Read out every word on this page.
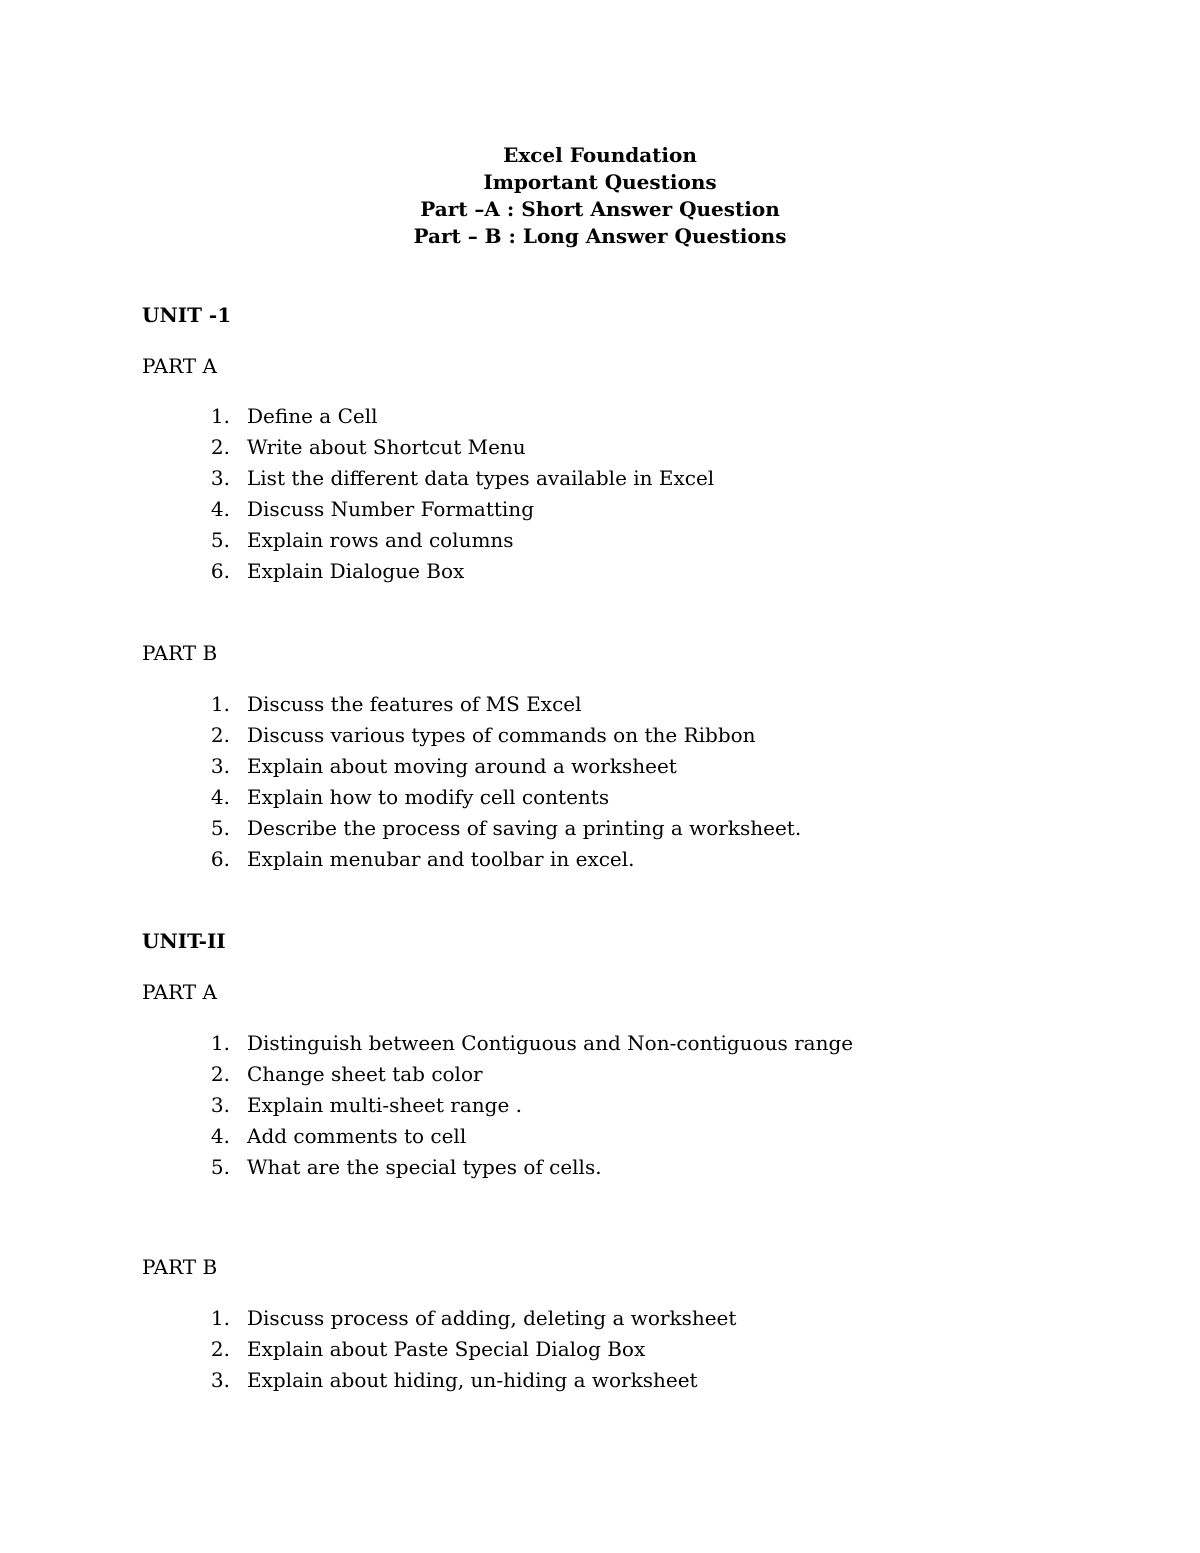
Excel Foundation
Important Questions
Part –A : Short Answer Question
Part – B : Long Answer Questions
UNIT -1
PART A
1. Define a Cell
2. Write about Shortcut Menu
3. List the different data types available in Excel
4. Discuss Number Formatting
5. Explain rows and columns
6. Explain Dialogue Box
PART B
1. Discuss the features of MS Excel
2. Discuss various types of commands on the Ribbon
3. Explain about moving around a worksheet
4. Explain how to modify cell contents
5. Describe the process of saving a printing a worksheet.
6. Explain menubar and toolbar in excel.
UNIT-II
PART A
1. Distinguish between Contiguous and Non-contiguous range
2. Change sheet tab color
3. Explain multi-sheet range .
4. Add comments to cell
5. What are the special types of cells.
PART B
1. Discuss process of adding, deleting a worksheet
2. Explain about Paste Special Dialog Box
3. Explain about hiding, un-hiding a worksheet
